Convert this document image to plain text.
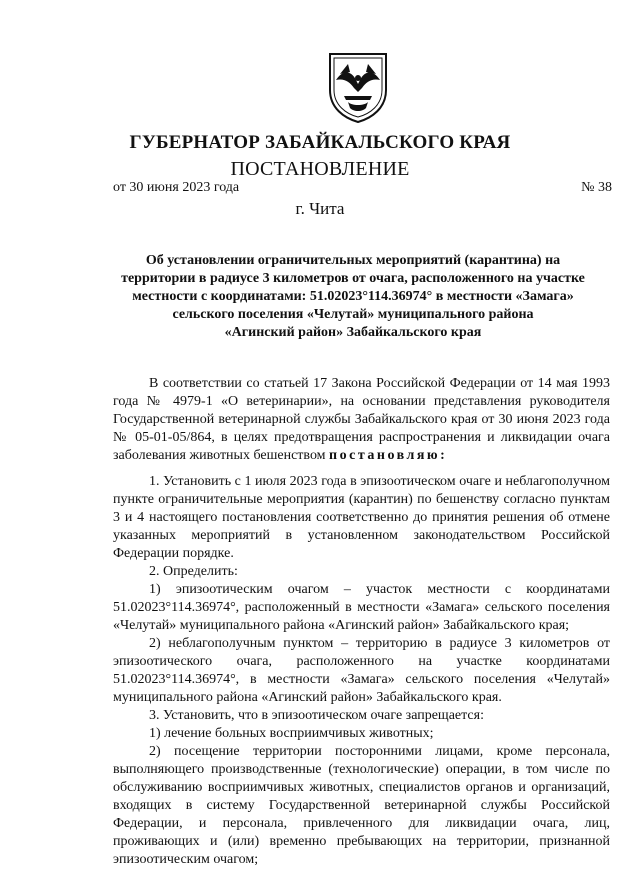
ГУБЕРНАТОР ЗАБАЙКАЛЬСКОГО КРАЯ
ПОСТАНОВЛЕНИЕ
от 30 июня 2023 года	№ 38
г. Чита
Об установлении ограничительных мероприятий (карантина) на
территории в радиусе 3 километров от очага, расположенного на участке
местности с координатами: 51.02023°114.36974° в местности «Замага»
сельского поселения «Челутай» муниципального района
«Агинский район» Забайкальского края

В соответствии со статьей 17 Закона Российской Федерации от 14 мая 1993 года № 4979-1 «О ветеринарии», на основании представления руководителя Государственной ветеринарной службы Забайкальского края от 30 июня 2023 года № 05-01-05/864, в целях предотвращения распространения и ликвидации очага заболевания животных бешенством постановляю:

1. Установить с 1 июля 2023 года в эпизоотическом очаге и неблагополучном пункте ограничительные мероприятия (карантин) по бешенству согласно пунктам 3 и 4 настоящего постановления соответственно до принятия решения об отмене указанных мероприятий в установленном законодательством Российской Федерации порядке.

2. Определить:

1) эпизоотическим очагом – участок местности с координатами 51.02023°114.36974°, расположенный в местности «Замага» сельского поселения «Челутай» муниципального района «Агинский район» Забайкальского края;

2) неблагополучным пунктом – территорию в радиусе 3 километров от эпизоотического очага, расположенного на участке координатами 51.02023°114.36974°, в местности «Замага» сельского поселения «Челутай» муниципального района «Агинский район» Забайкальского края.

3. Установить, что в эпизоотическом очаге запрещается:

1) лечение больных восприимчивых животных;

2) посещение территории посторонними лицами, кроме персонала, выполняющего производственные (технологические) операции, в том числе по обслуживанию восприимчивых животных, специалистов органов и организаций, входящих в систему Государственной ветеринарной службы Российской Федерации, и персонала, привлеченного для ликвидации очага, лиц, проживающих и (или) временно пребывающих на территории, признанной эпизоотическим очагом;
